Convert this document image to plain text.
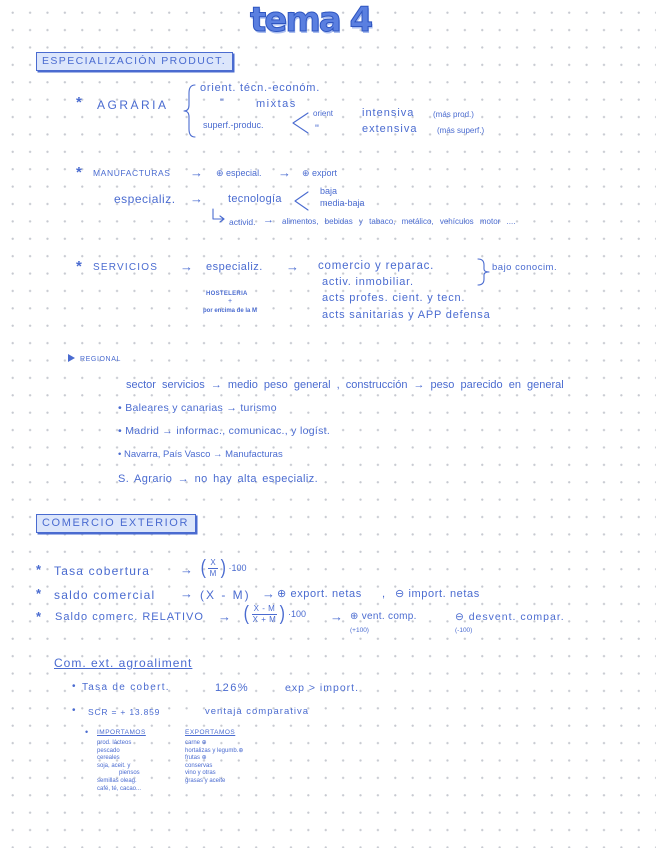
tema 4
ESPECIALIZACIÓN PRODUCT.
* AGRARIA
orient. técn.-económ.
"	mixtas
superf.-produc.
orient
"
intensiva (más prod.)
extensiva (más superf.)
* MANUFACTURAS → ⊕ especial. → ⊕ export
especializ. → tecnología
baja
media-baja
activid. → alimentos, bebidas y tabaco, metálico, vehículos motor ....
* SERVICIOS → especializ. → comercio y reparac.	bajo conocim.
activ. inmobiliar.
HOSTELERIA
+
por encima de la M
acts profes. cient. y tecn.
acts sanitarias y APP defensa
REGIONAL
sector servicios → medio peso general , construcción → peso parecido en general
• Baleares y canarias → turismo
• Madrid → informac., comunicac., y logíst.
• Navarra, País Vasco → Manufacturas
S. Agrario → no hay alta especializ.
COMERCIO EXTERIOR
* Tasa cobertura → ( $\frac{X}{M}$ ) ·100
* saldo comercial → (X - M) → ⊕ export. netas , ⊖ import. netas
* Saldo comerc. RELATIVO → ( $\frac{X - M}{X + M}$ ) ·100 → ⊕ vent. comp.
(+100)
⊖ desvent. compar.
(-100)
Com. ext. agroaliment
• Tasa de cobert.	126%	exp > import.
• SCR = + 13.859	ventaja comparativa
• IMPORTAMOS
prod. lácteos
pescado
cereales
soja, aceit. y
piensos
semillas oleag.
café, té, cacao...
EXPORTAMOS
carne ⊕
hortalizas y legumb.⊕
frutas ⊕
conservas
vino y otras
grasas y aceite
